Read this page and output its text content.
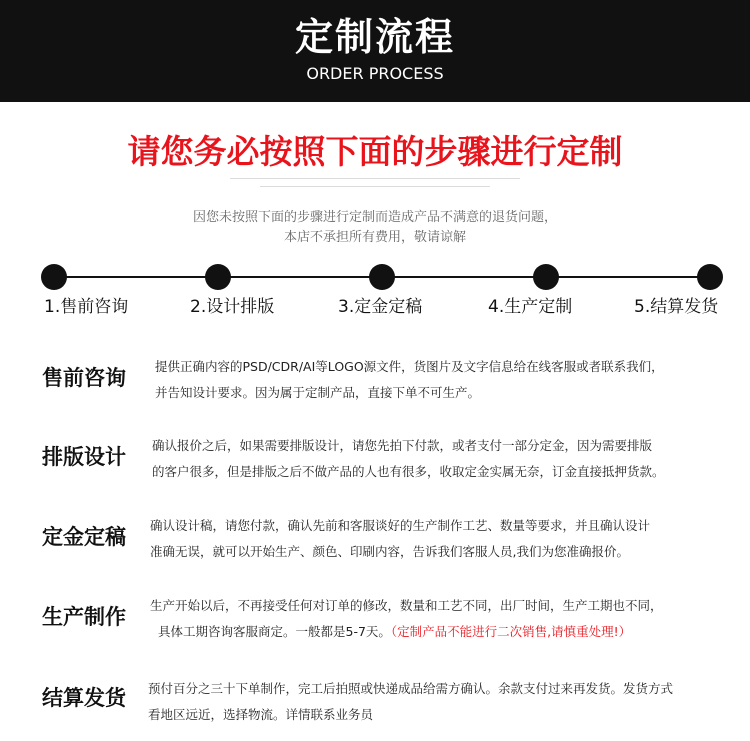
定制流程
ORDER PROCESS
请您务必按照下面的步骤进行定制
因您未按照下面的步骤进行定制而造成产品不满意的退货问题，
本店不承担所有费用，敬请谅解
1.售前咨询	2.设计排版	3.定金定稿	4.生产定制	5.结算发货
售前咨询 提供正确内容的PSD/CDR/AI等LOGO源文件，货图片及文字信息给在线客服或者联系我们，
并告知设计要求。因为属于定制产品，直接下单不可生产。
排版设计 确认报价之后，如果需要排版设计，请您先拍下付款，或者支付一部分定金，因为需要排版
的客户很多，但是排版之后不做产品的人也有很多，收取定金实属无奈，订金直接抵押货款。
定金定稿 确认设计稿，请您付款，确认先前和客服谈好的生产制作工艺、数量等要求，并且确认设计
准确无误，就可以开始生产、颜色、印刷内容，告诉我们客服人员,我们为您准确报价。
生产制作 生产开始以后，不再接受任何对订单的修改，数量和工艺不同，出厂时间，生产工期也不同，
具体工期咨询客服商定。一般都是5-7天。（定制产品不能进行二次销售,请慎重处理!）
结算发货 预付百分之三十下单制作，完工后拍照或快递成品给需方确认。余款支付过来再发货。发货方式
看地区远近，选择物流。详情联系业务员
